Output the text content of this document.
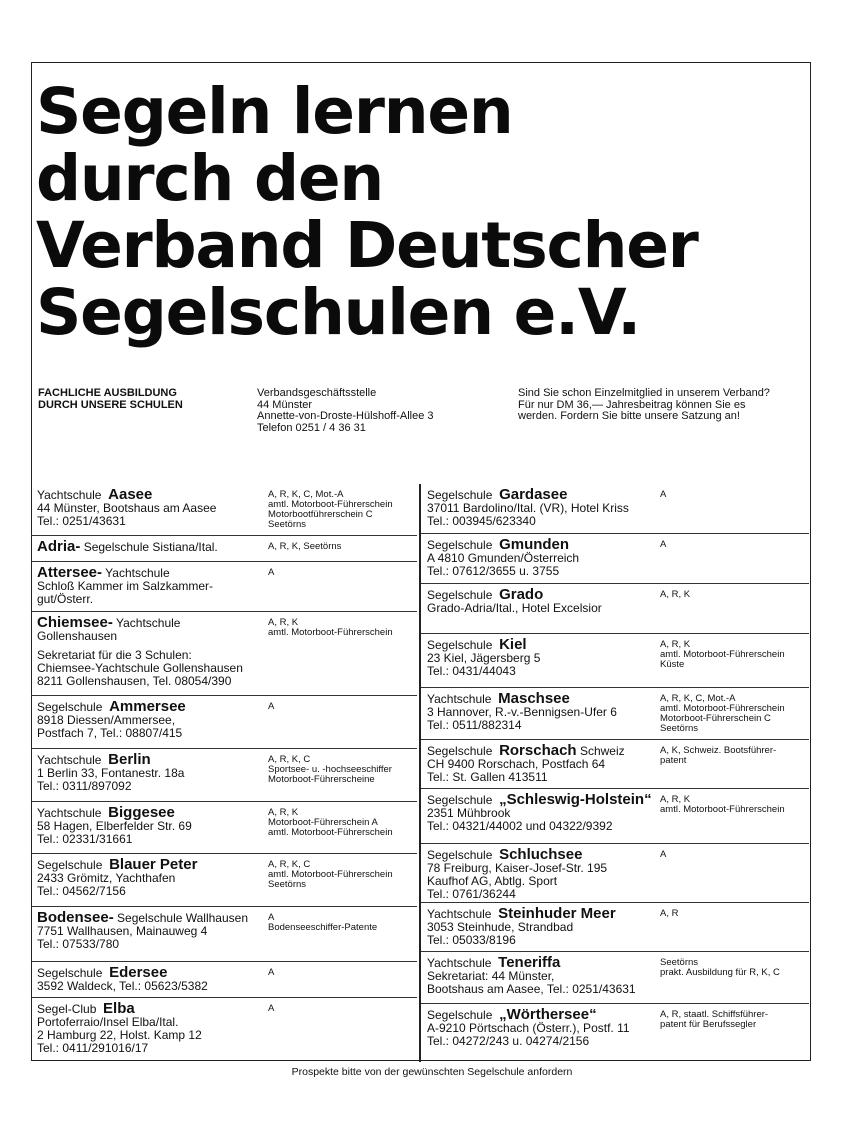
Segeln lernen
durch den
Verband Deutscher
Segelschulen e.V.
FACHLICHE AUSBILDUNG
DURCH UNSERE SCHULEN
Verbandsgeschäftsstelle
44 Münster
Annette-von-Droste-Hülshoff-Allee 3
Telefon 0251 / 4 36 31
Sind Sie schon Einzelmitglied in unserem Verband?
Für nur DM 36,— Jahresbeitrag können Sie es
werden. Fordern Sie bitte unsere Satzung an!
Yachtschule Aasee
44 Münster, Bootshaus am Aasee
Tel.: 0251/43631
A, R, K, C, Mot.-A
amtl. Motorboot-Führerschein
Motorbootführerschein C
Seetörns
Adria- Segelschule Sistiana/Ital.	A, R, K, Seetörns
Attersee- Yachtschule
Schloß Kammer im Salzkammer-
gut/Österr.
A
Chiemsee- Yachtschule
Gollenshausen
Sekretariat für die 3 Schulen:
Chiemsee-Yachtschule Gollenshausen
8211 Gollenshausen, Tel. 08054/390
A, R, K
amtl. Motorboot-Führerschein
Segelschule Ammersee
8918 Diessen/Ammersee,
Postfach 7, Tel.: 08807/415
A
Yachtschule Berlin
1 Berlin 33, Fontanestr. 18a
Tel.: 0311/897092
A, R, K, C
Sportsee- u. -hochseeschiffer
Motorboot-Führerscheine
Yachtschule Biggesee
58 Hagen, Elberfelder Str. 69
Tel.: 02331/31661
A, R, K
Motorboot-Führerschein A
amtl. Motorboot-Führerschein
Segelschule Blauer Peter
2433 Grömitz, Yachthafen
Tel.: 04562/7156
A, R, K, C
amtl. Motorboot-Führerschein
Seetörns
Bodensee- Segelschule Wallhausen
7751 Wallhausen, Mainauweg 4
Tel.: 07533/780
A
Bodenseeschiffer-Patente
Segelschule Edersee
3592 Waldeck, Tel.: 05623/5382
A
Segel-Club Elba
Portoferraio/Insel Elba/Ital.
2 Hamburg 22, Holst. Kamp 12
Tel.: 0411/291016/17
A
Segelschule Gardasee
37011 Bardolino/Ital. (VR), Hotel Kriss
Tel.: 003945/623340
A
Segelschule Gmunden
A 4810 Gmunden/Österreich
Tel.: 07612/3655 u. 3755
A
Segelschule Grado
Grado-Adria/Ital., Hotel Excelsior
A, R, K
Segelschule Kiel
23 Kiel, Jägersberg 5
Tel.: 0431/44043
A, R, K
amtl. Motorboot-Führerschein
Küste
Yachtschule Maschsee
3 Hannover, R.-v.-Bennigsen-Ufer 6
Tel.: 0511/882314
A, R, K, C, Mot.-A
amtl. Motorboot-Führerschein
Motorboot-Führerschein C
Seetörns
Segelschule Rorschach Schweiz
CH 9400 Rorschach, Postfach 64
Tel.: St. Gallen 413511
A, K, Schweiz. Bootsführer-
patent
Segelschule „Schleswig-Holstein“
2351 Mühbrook
Tel.: 04321/44002 und 04322/9392
A, R, K
amtl. Motorboot-Führerschein
Segelschule Schluchsee
78 Freiburg, Kaiser-Josef-Str. 195
Kaufhof AG, Abtlg. Sport
Tel.: 0761/36244
A
Yachtschule Steinhuder Meer
3053 Steinhude, Strandbad
Tel.: 05033/8196
A, R
Yachtschule Teneriffa
Sekretariat: 44 Münster,
Bootshaus am Aasee, Tel.: 0251/43631
Seetörns
prakt. Ausbildung für R, K, C
Segelschule „Wörthersee“
A-9210 Pörtschach (Österr.), Postf. 11
Tel.: 04272/243 u. 04274/2156
A, R, staatl. Schiffsführer-
patent für Berufssegler
Prospekte bitte von der gewünschten Segelschule anfordern
